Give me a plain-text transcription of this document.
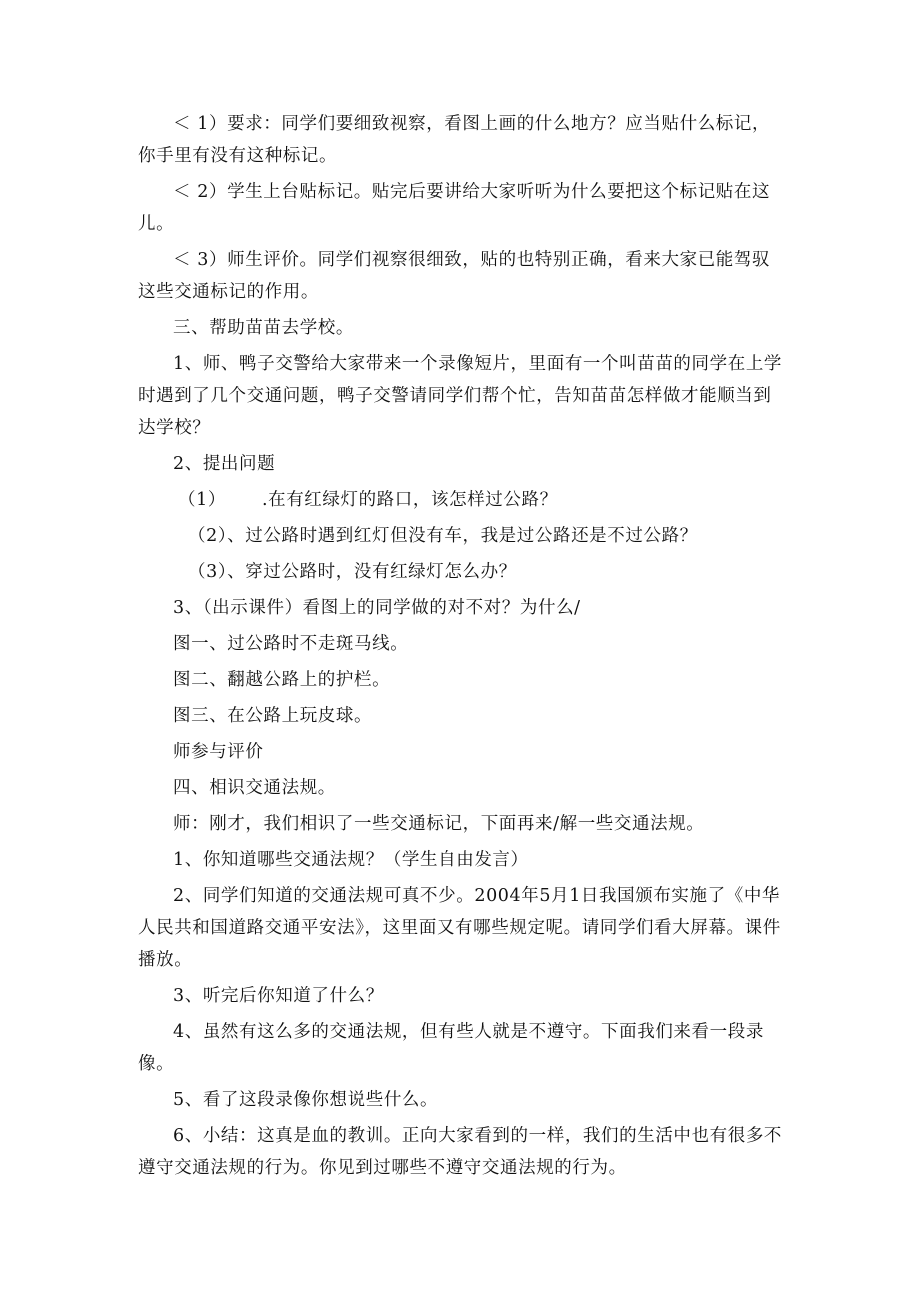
＜ 1）要求：同学们要细致视察，看图上画的什么地方？应当贴什么标记，你手里有没有这种标记。

＜ 2）学生上台贴标记。贴完后要讲给大家听听为什么要把这个标记贴在这儿。

＜ 3）师生评价。同学们视察很细致，贴的也特别正确，看来大家已能驾驭这些交通标记的作用。

三、帮助苗苗去学校。

1、师、鸭子交警给大家带来一个录像短片，里面有一个叫苗苗的同学在上学时遇到了几个交通问题，鸭子交警请同学们帮个忙，告知苗苗怎样做才能顺当到达学校？

2、提出问题

（1） .在有红绿灯的路口，该怎样过公路？

（2）、过公路时遇到红灯但没有车，我是过公路还是不过公路？

（3）、穿过公路时，没有红绿灯怎么办？

3、（出示课件）看图上的同学做的对不对？为什么/

图一、过公路时不走斑马线。

图二、翻越公路上的护栏。

图三、在公路上玩皮球。

师参与评价

四、相识交通法规。

师：刚才，我们相识了一些交通标记，下面再来/解一些交通法规。

1、你知道哪些交通法规？（学生自由发言）

2、同学们知道的交通法规可真不少。2004年5月1日我国颁布实施了《中华人民共和国道路交通平安法》，这里面又有哪些规定呢。请同学们看大屏幕。课件播放。

3、听完后你知道了什么？

4、虽然有这么多的交通法规，但有些人就是不遵守。下面我们来看一段录像。

5、看了这段录像你想说些什么。

6、小结：这真是血的教训。正向大家看到的一样，我们的生活中也有很多不遵守交通法规的行为。你见到过哪些不遵守交通法规的行为。
